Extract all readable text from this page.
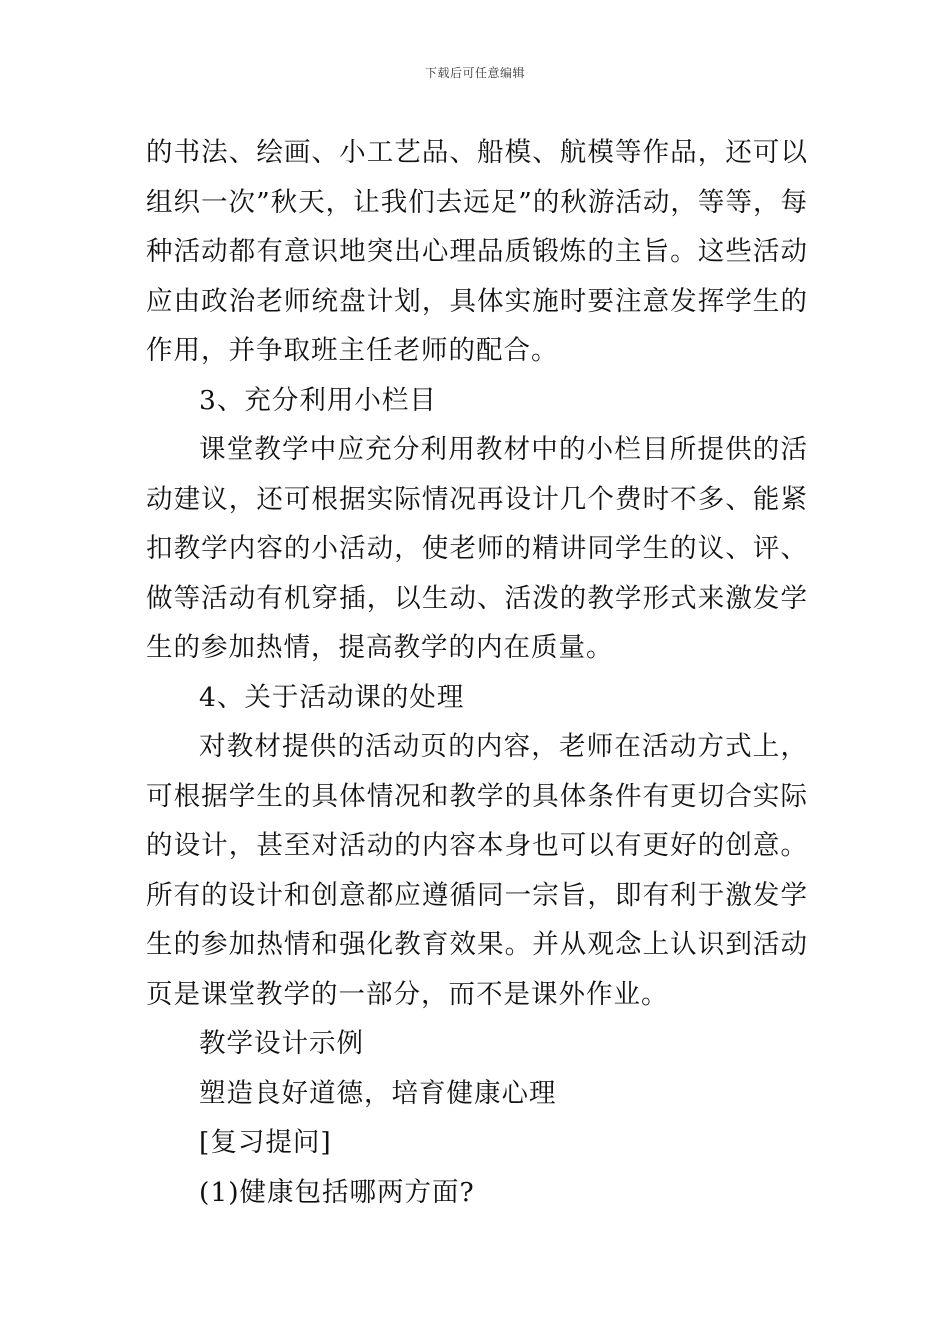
下载后可任意编辑

的书法、绘画、小工艺品、船模、航模等作品，还可以组织一次”秋天，让我们去远足”的秋游活动，等等，每种活动都有意识地突出心理品质锻炼的主旨。这些活动应由政治老师统盘计划，具体实施时要注意发挥学生的作用，并争取班主任老师的配合。

3、充分利用小栏目

课堂教学中应充分利用教材中的小栏目所提供的活动建议，还可根据实际情况再设计几个费时不多、能紧扣教学内容的小活动，使老师的精讲同学生的议、评、做等活动有机穿插，以生动、活泼的教学形式来激发学生的参加热情，提高教学的内在质量。

4、关于活动课的处理

对教材提供的活动页的内容，老师在活动方式上，可根据学生的具体情况和教学的具体条件有更切合实际的设计，甚至对活动的内容本身也可以有更好的创意。所有的设计和创意都应遵循同一宗旨，即有利于激发学生的参加热情和强化教育效果。并从观念上认识到活动页是课堂教学的一部分，而不是课外作业。

教学设计示例

塑造良好道德，培育健康心理

[复习提问]

(1)健康包括哪两方面?
